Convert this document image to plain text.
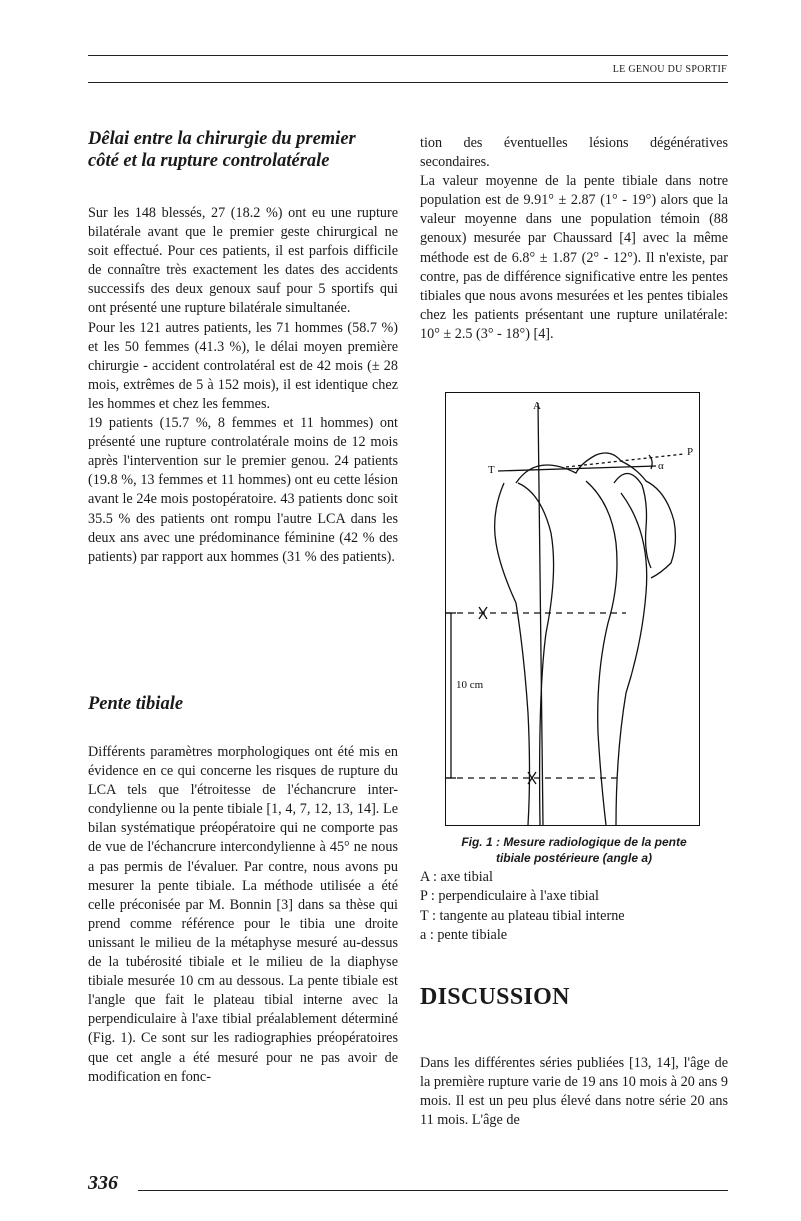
LE GENOU DU SPORTIF
Dêlai entre la chirurgie du premier
côté et la rupture controlatérale

Sur les 148 blessés, 27 (18.2 %) ont eu une rupture bilatérale avant que le premier geste chirurgical ne soit effectué. Pour ces patients, il est parfois difficile de connaître très exactement les dates des accidents successifs des deux genoux sauf pour 5 sportifs qui ont présenté une rupture bilatérale simultanée.

Pour les 121 autres patients, les 71 hommes (58.7 %) et les 50 femmes (41.3 %), le délai moyen première chirurgie - accident controlatéral est de 42 mois (± 28 mois, extrêmes de 5 à 152 mois), il est identique chez les hommes et chez les femmes.

19 patients (15.7 %, 8 femmes et 11 hommes) ont présenté une rupture controlatérale moins de 12 mois après l'intervention sur le premier genou. 24 patients (19.8 %, 13 femmes et 11 hommes) ont eu cette lésion avant le 24e mois postopératoire. 43 patients donc soit 35.5 % des patients ont rompu l'autre LCA dans les deux ans avec une prédominance féminine (42 % des patients) par rapport aux hommes (31 % des patients).

Pente tibiale

Différents paramètres morphologiques ont été mis en évidence en ce qui concerne les risques de rupture du LCA tels que l'étroitesse de l'échancrure inter-condylienne ou la pente tibiale [1, 4, 7, 12, 13, 14]. Le bilan systématique préopératoire qui ne comporte pas de vue de l'échancrure intercondylienne à 45° ne nous a pas permis de l'évaluer. Par contre, nous avons pu mesurer la pente tibiale. La méthode utilisée a été celle préconisée par M. Bonnin [3] dans sa thèse qui prend comme référence pour le tibia une droite unissant le milieu de la métaphyse mesuré au-dessus de la tubérosité tibiale et le milieu de la diaphyse tibiale mesurée 10 cm au dessous. La pente tibiale est l'angle que fait le plateau tibial interne avec la perpendiculaire à l'axe tibial préalablement déterminé (Fig. 1). Ce sont sur les radiographies préopératoires que cet angle a été mesuré pour ne pas avoir de modification en fonc-

tion des éventuelles lésions dégénératives secondaires.

La valeur moyenne de la pente tibiale dans notre population est de 9.91° ± 2.87 (1° - 19°) alors que la valeur moyenne dans une population témoin (88 genoux) mesurée par Chaussard [4] avec la même méthode est de 6.8° ± 1.87 (2° - 12°). Il n'existe, par contre, pas de différence significative entre les pentes tibiales que nous avons mesurées et les pentes tibiales chez les patients présentant une rupture unilatérale: 10° ± 2.5 (3° - 18°) [4].

A
T
P
α
10 cm
Fig. 1 : Mesure radiologique de la pente
tibiale postérieure (angle a)
A : axe tibial
P : perpendiculaire à l'axe tibial
T : tangente au plateau tibial interne
a : pente tibiale
DISCUSSION

Dans les différentes séries publiées [13, 14], l'âge de la première rupture varie de 19 ans 10 mois à 20 ans 9 mois. Il est un peu plus élevé dans notre série 20 ans 11 mois. L'âge de

336
